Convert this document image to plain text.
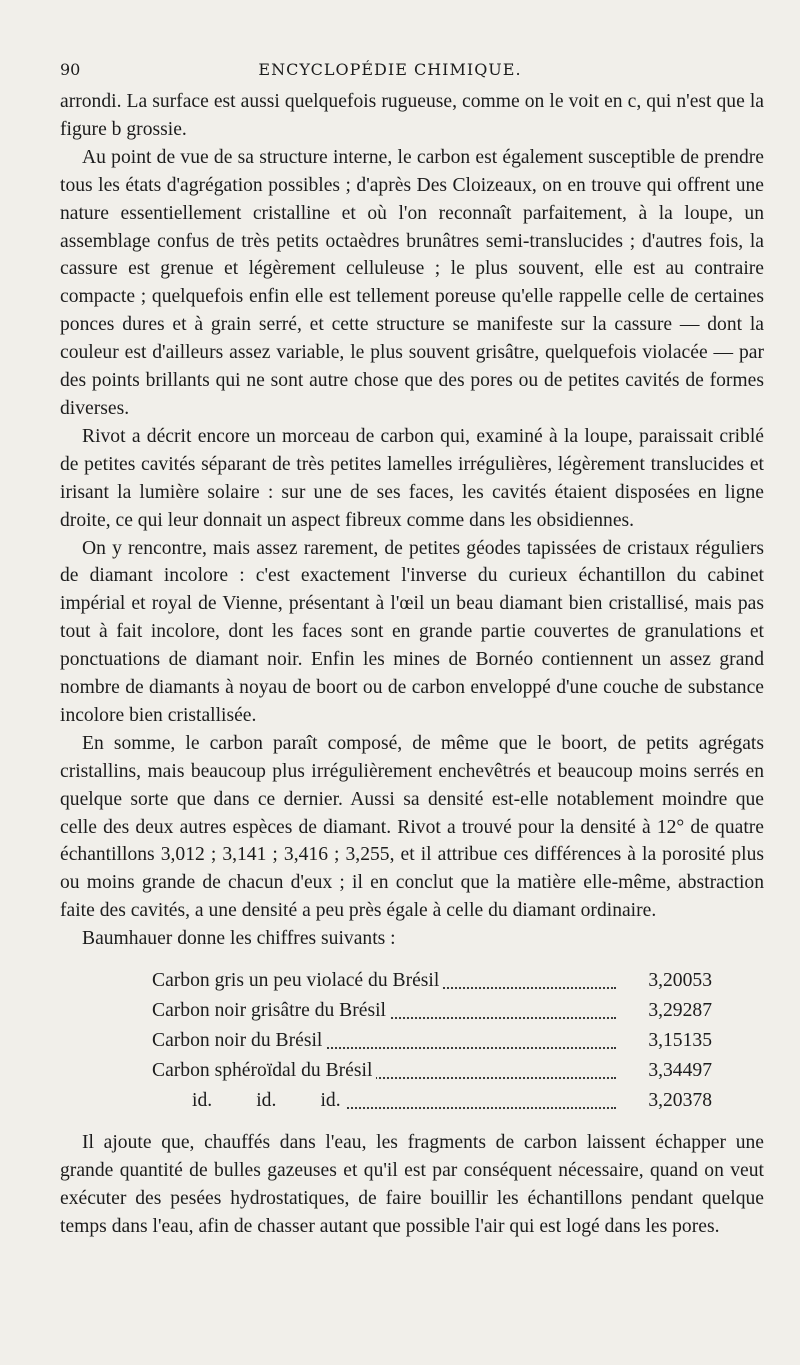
90	ENCYCLOPÉDIE CHIMIQUE.

arrondi. La surface est aussi quelquefois rugueuse, comme on le voit en c, qui n'est que la figure b grossie.

Au point de vue de sa structure interne, le carbon est également susceptible de prendre tous les états d'agrégation possibles ; d'après Des Cloizeaux, on en trouve qui offrent une nature essentiellement cristalline et où l'on reconnaît parfaitement, à la loupe, un assemblage confus de très petits octaèdres brunâtres semi-translucides ; d'autres fois, la cassure est grenue et légèrement celluleuse ; le plus souvent, elle est au contraire compacte ; quelquefois enfin elle est tellement poreuse qu'elle rappelle celle de certaines ponces dures et à grain serré, et cette structure se manifeste sur la cassure — dont la couleur est d'ailleurs assez variable, le plus souvent grisâtre, quelquefois violacée — par des points brillants qui ne sont autre chose que des pores ou de petites cavités de formes diverses.

Rivot a décrit encore un morceau de carbon qui, examiné à la loupe, paraissait criblé de petites cavités séparant de très petites lamelles irrégulières, légèrement translucides et irisant la lumière solaire : sur une de ses faces, les cavités étaient disposées en ligne droite, ce qui leur donnait un aspect fibreux comme dans les obsidiennes.

On y rencontre, mais assez rarement, de petites géodes tapissées de cristaux réguliers de diamant incolore : c'est exactement l'inverse du curieux échantillon du cabinet impérial et royal de Vienne, présentant à l'œil un beau diamant bien cristallisé, mais pas tout à fait incolore, dont les faces sont en grande partie couvertes de granulations et ponctuations de diamant noir. Enfin les mines de Bornéo contiennent un assez grand nombre de diamants à noyau de boort ou de carbon enveloppé d'une couche de substance incolore bien cristallisée.

En somme, le carbon paraît composé, de même que le boort, de petits agrégats cristallins, mais beaucoup plus irrégulièrement enchevêtrés et beaucoup moins serrés en quelque sorte que dans ce dernier. Aussi sa densité est-elle notablement moindre que celle des deux autres espèces de diamant. Rivot a trouvé pour la densité à 12° de quatre échantillons 3,012 ; 3,141 ; 3,416 ; 3,255, et il attribue ces différences à la porosité plus ou moins grande de chacun d'eux ; il en conclut que la matière elle-même, abstraction faite des cavités, a une densité a peu près égale à celle du diamant ordinaire.

Baumhauer donne les chiffres suivants :

Carbon gris un peu violacé du Brésil	3,20053

Carbon noir grisâtre du Brésil	3,29287

Carbon noir du Brésil	3,15135

Carbon sphéroïdal du Brésil	3,34497

id.         id.         id.	3,20378

Il ajoute que, chauffés dans l'eau, les fragments de carbon laissent échapper une grande quantité de bulles gazeuses et qu'il est par conséquent nécessaire, quand on veut exécuter des pesées hydrostatiques, de faire bouillir les échantillons pendant quelque temps dans l'eau, afin de chasser autant que possible l'air qui est logé dans les pores.
